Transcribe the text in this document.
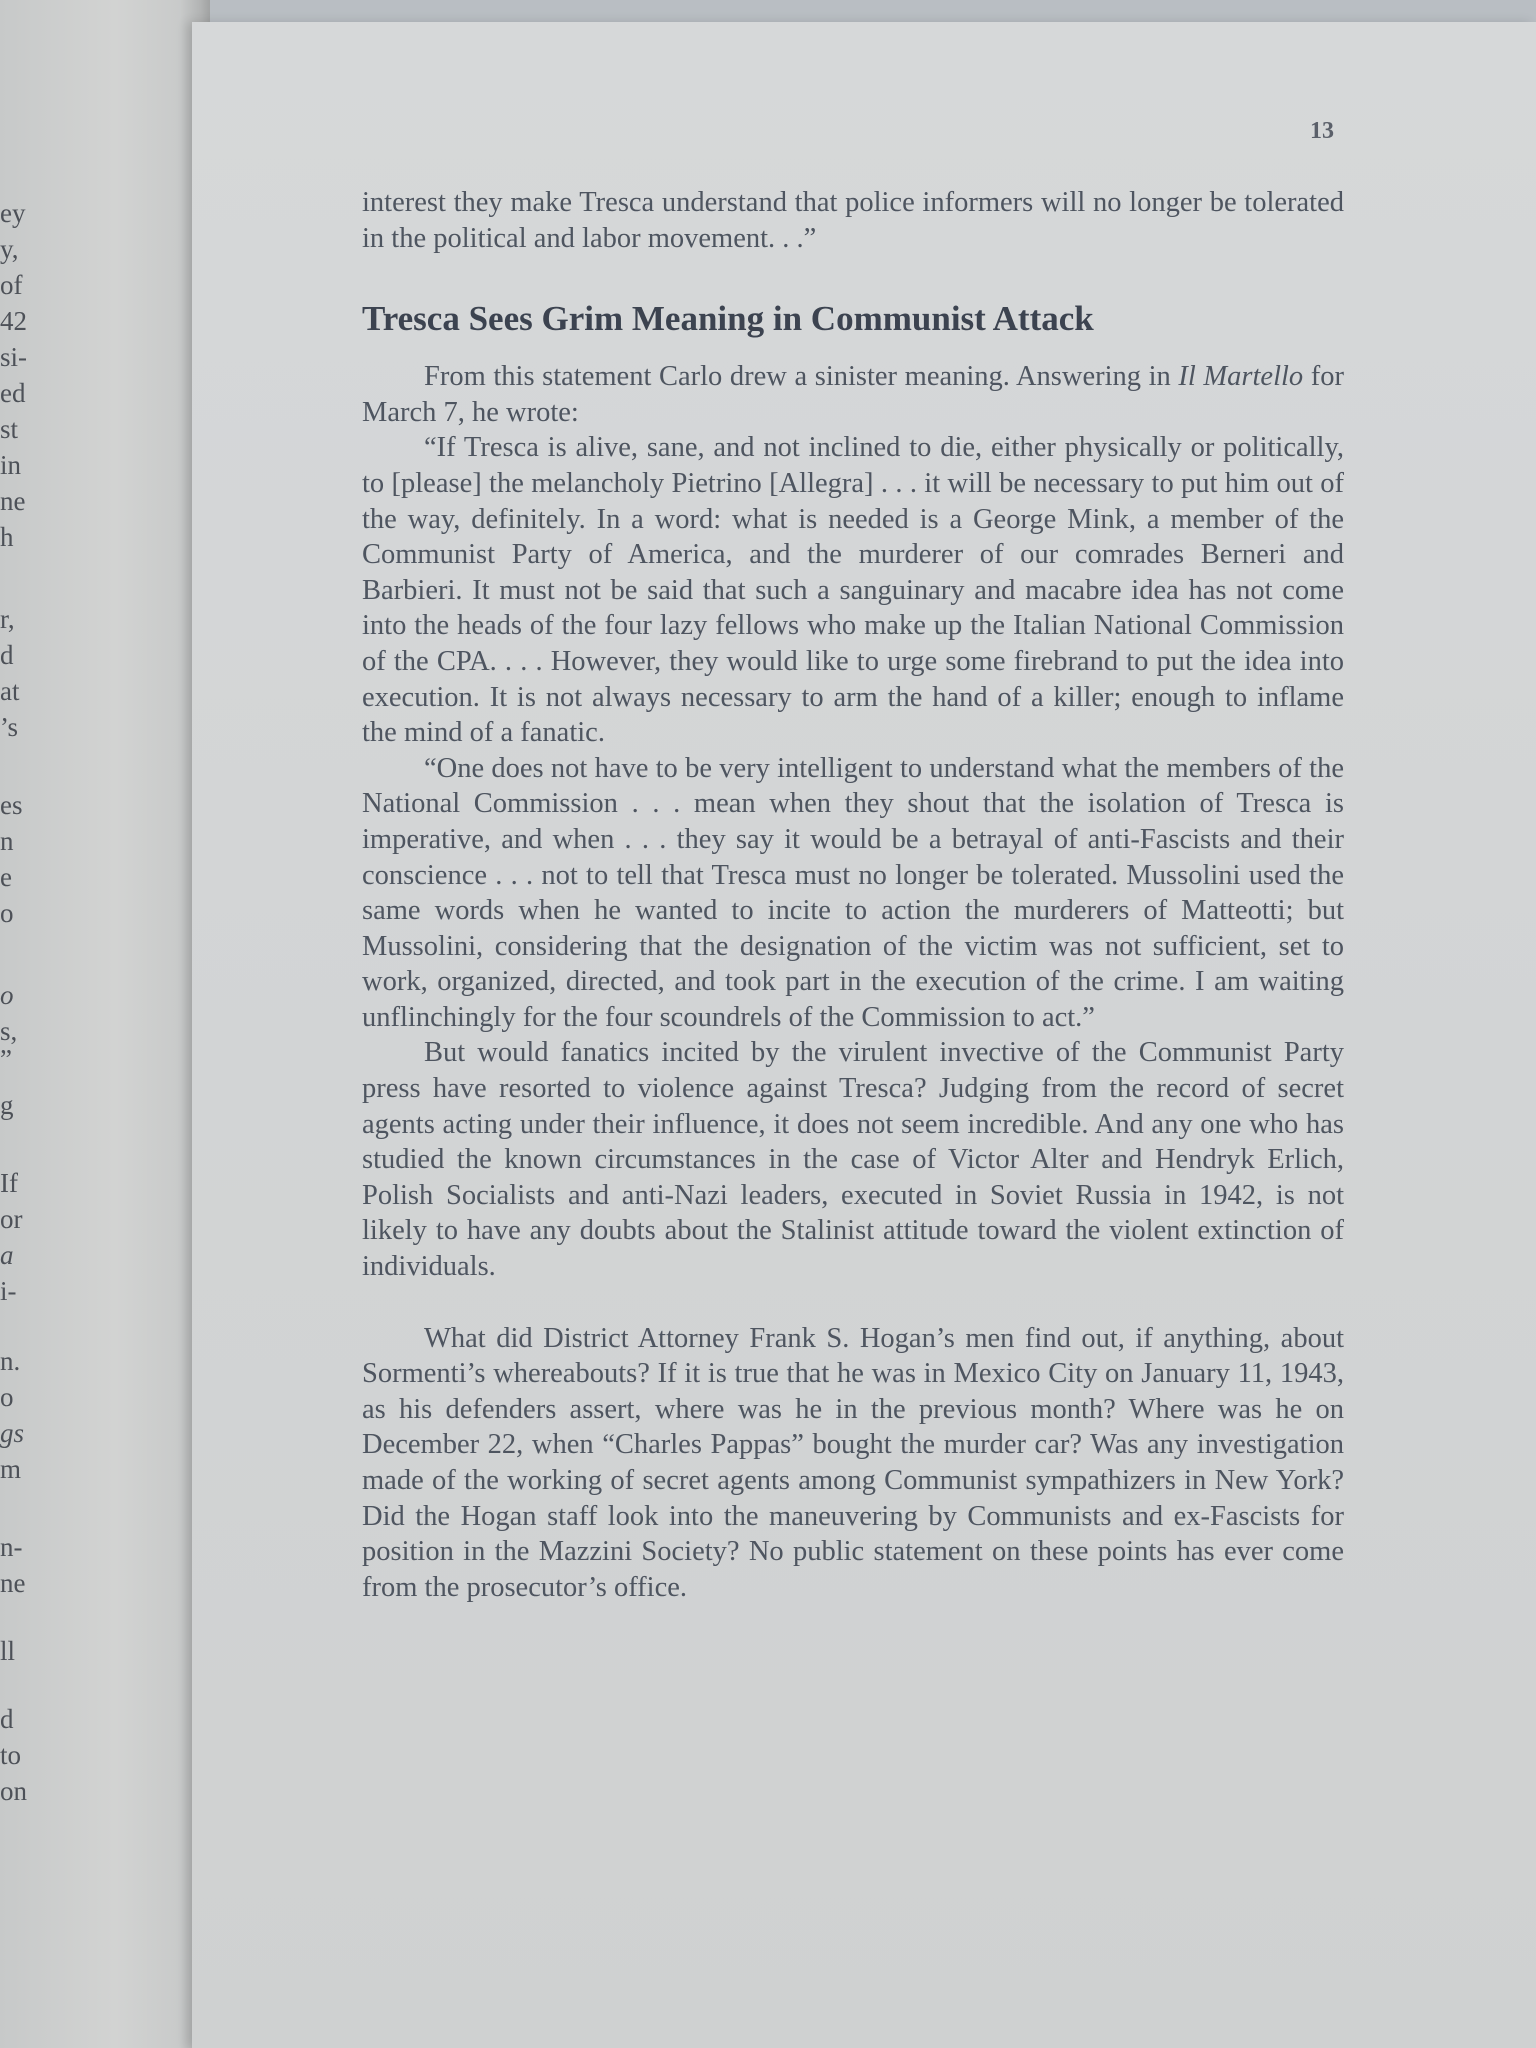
ey
y,
of
42
si-
ed
st
in
ne
h
r,
d
at
’s
es
n
e
o
o
s,
”
g
If
or
a
i-
n.
o
gs
m
n-
ne
ll
d
to
on
13

interest they make Tresca understand that police informers will no longer be tolerated in the political and labor movement. . .”

Tresca Sees Grim Meaning in Communist Attack

From this statement Carlo drew a sinister meaning. Answering in Il Martello for March 7, he wrote:

“If Tresca is alive, sane, and not inclined to die, either physically or politically, to [please] the melancholy Pietrino [Allegra] . . . it will be necessary to put him out of the way, definitely. In a word: what is needed is a George Mink, a member of the Communist Party of America, and the murderer of our comrades Berneri and Barbieri. It must not be said that such a sanguinary and macabre idea has not come into the heads of the four lazy fellows who make up the Italian National Commission of the CPA. . . . However, they would like to urge some firebrand to put the idea into execution. It is not always necessary to arm the hand of a killer; enough to inflame the mind of a fanatic.

“One does not have to be very intelligent to understand what the members of the National Commission . . . mean when they shout that the isolation of Tresca is imperative, and when . . . they say it would be a betrayal of anti-Fascists and their conscience . . . not to tell that Tresca must no longer be tolerated. Mussolini used the same words when he wanted to incite to action the murderers of Matteotti; but Mussolini, considering that the designation of the victim was not sufficient, set to work, organized, directed, and took part in the execution of the crime. I am waiting unflinchingly for the four scoundrels of the Commission to act.”

But would fanatics incited by the virulent invective of the Communist Party press have resorted to violence against Tresca? Judging from the record of secret agents acting under their influence, it does not seem incredible. And any one who has studied the known circumstances in the case of Victor Alter and Hendryk Erlich, Polish Socialists and anti-Nazi leaders, executed in Soviet Russia in 1942, is not likely to have any doubts about the Stalinist attitude toward the violent extinction of individuals.

What did District Attorney Frank S. Hogan’s men find out, if anything, about Sormenti’s whereabouts? If it is true that he was in Mexico City on January 11, 1943, as his defenders assert, where was he in the previous month? Where was he on December 22, when “Charles Pappas” bought the murder car? Was any investigation made of the working of secret agents among Communist sympathizers in New York? Did the Hogan staff look into the maneuvering by Communists and ex-Fascists for position in the Mazzini Society? No public statement on these points has ever come from the prosecutor’s office.
